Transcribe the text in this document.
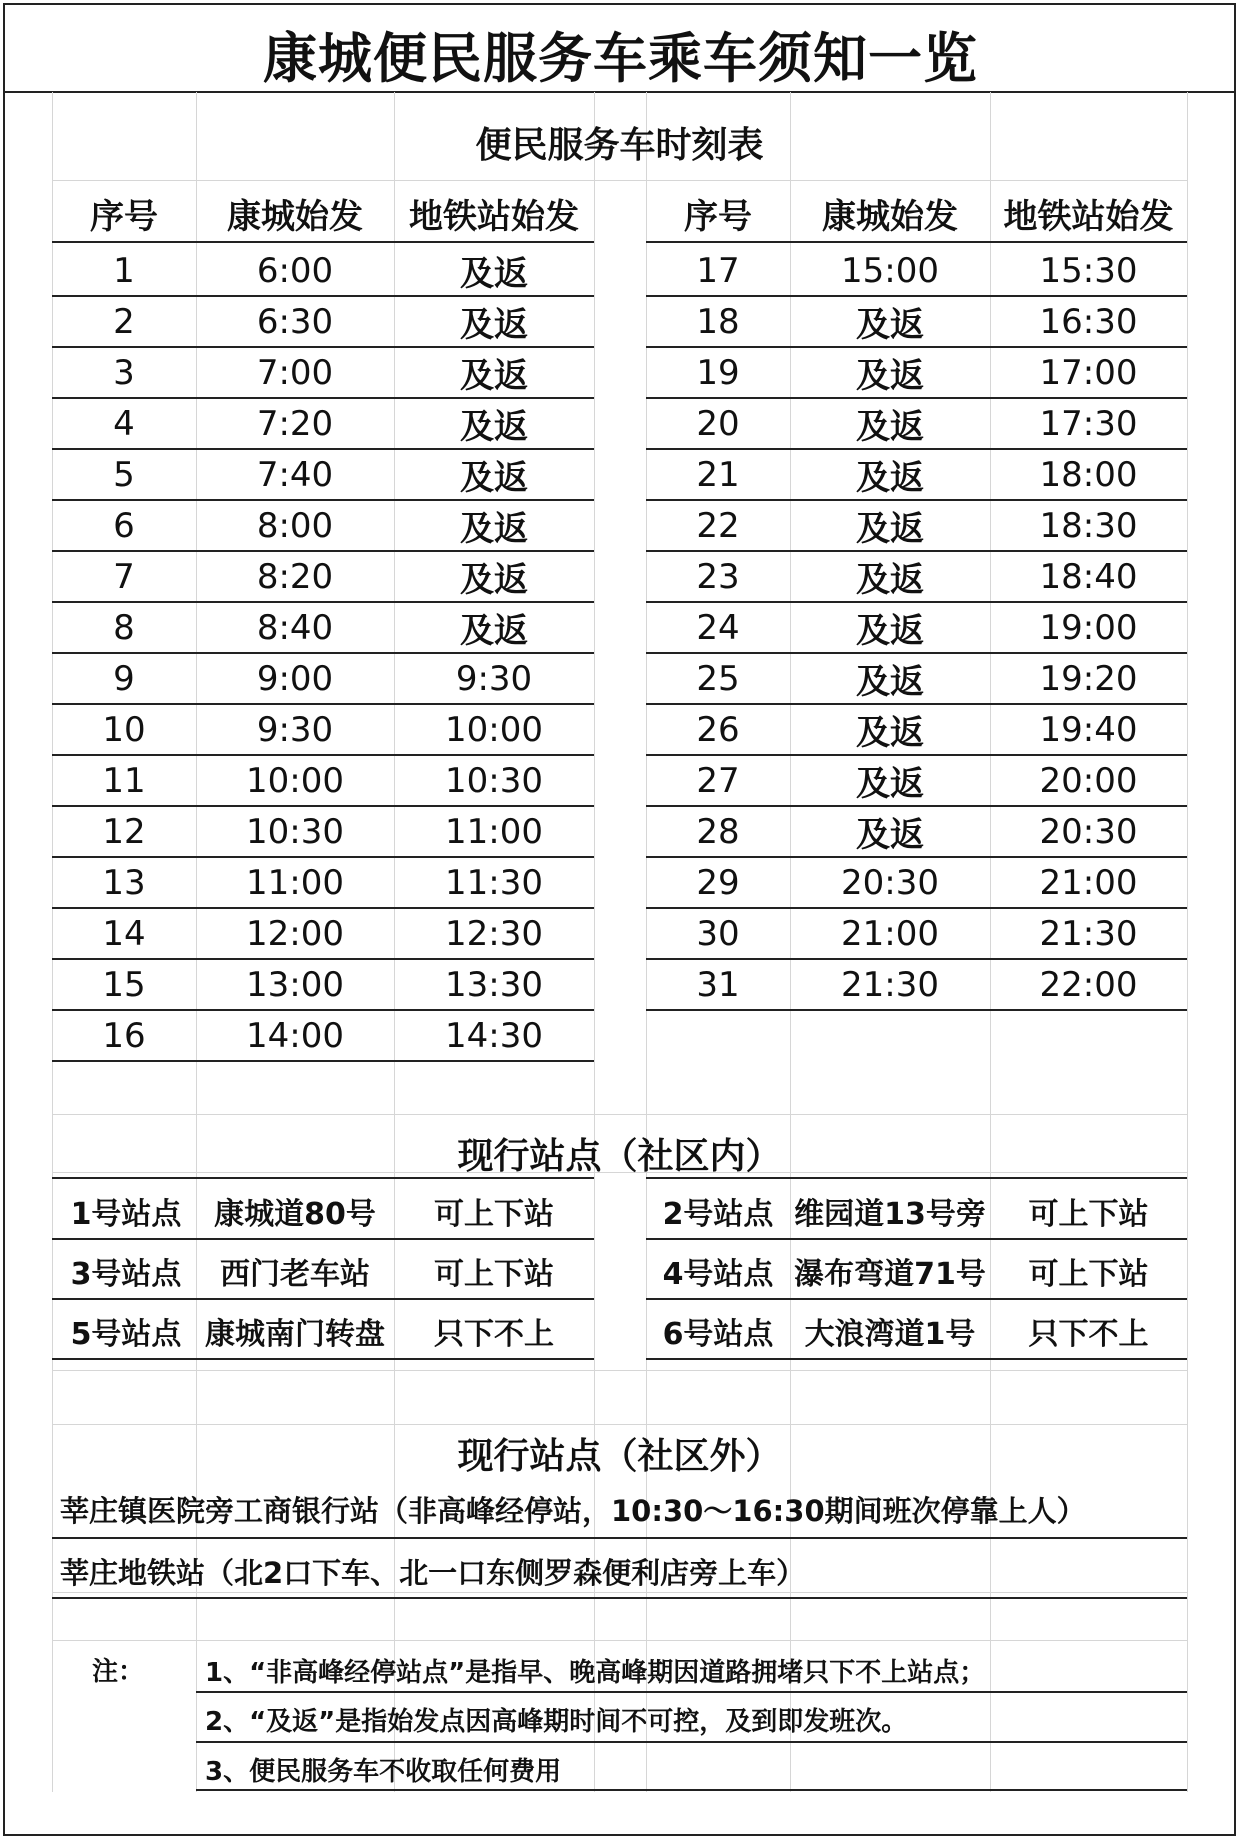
康城便民服务车乘车须知一览
便民服务车时刻表
序号	康城始发	地铁站始发
1	6:00	及返
2	6:30	及返
3	7:00	及返
4	7:20	及返
5	7:40	及返
6	8:00	及返
7	8:20	及返
8	8:40	及返
9	9:00	9:30
10	9:30	10:00
11	10:00	10:30
12	10:30	11:00
13	11:00	11:30
14	12:00	12:30
15	13:00	13:30
16	14:00	14:30
序号	康城始发	地铁站始发
17	15:00	15:30
18	及返	16:30
19	及返	17:00
20	及返	17:30
21	及返	18:00
22	及返	18:30
23	及返	18:40
24	及返	19:00
25	及返	19:20
26	及返	19:40
27	及返	20:00
28	及返	20:30
29	20:30	21:00
30	21:00	21:30
31	21:30	22:00
现行站点（社区内）
1号站点	康城道80号	可上下站
3号站点	西门老车站	可上下站
5号站点 康城南门转盘	只下不上
2号站点 维园道13号旁	可上下站
4号站点 瀑布弯道71号	可上下站
6号站点	大浪湾道1号	只下不上
现行站点（社区外）
莘庄镇医院旁工商银行站（非高峰经停站，10:30～16:30期间班次停靠上人）
莘庄地铁站（北2口下车、北一口东侧罗森便利店旁上车）
注： 1、“非高峰经停站点”是指早、晚高峰期因道路拥堵只下不上站点；
2、“及返”是指始发点因高峰期时间不可控，及到即发班次。
3、便民服务车不收取任何费用
